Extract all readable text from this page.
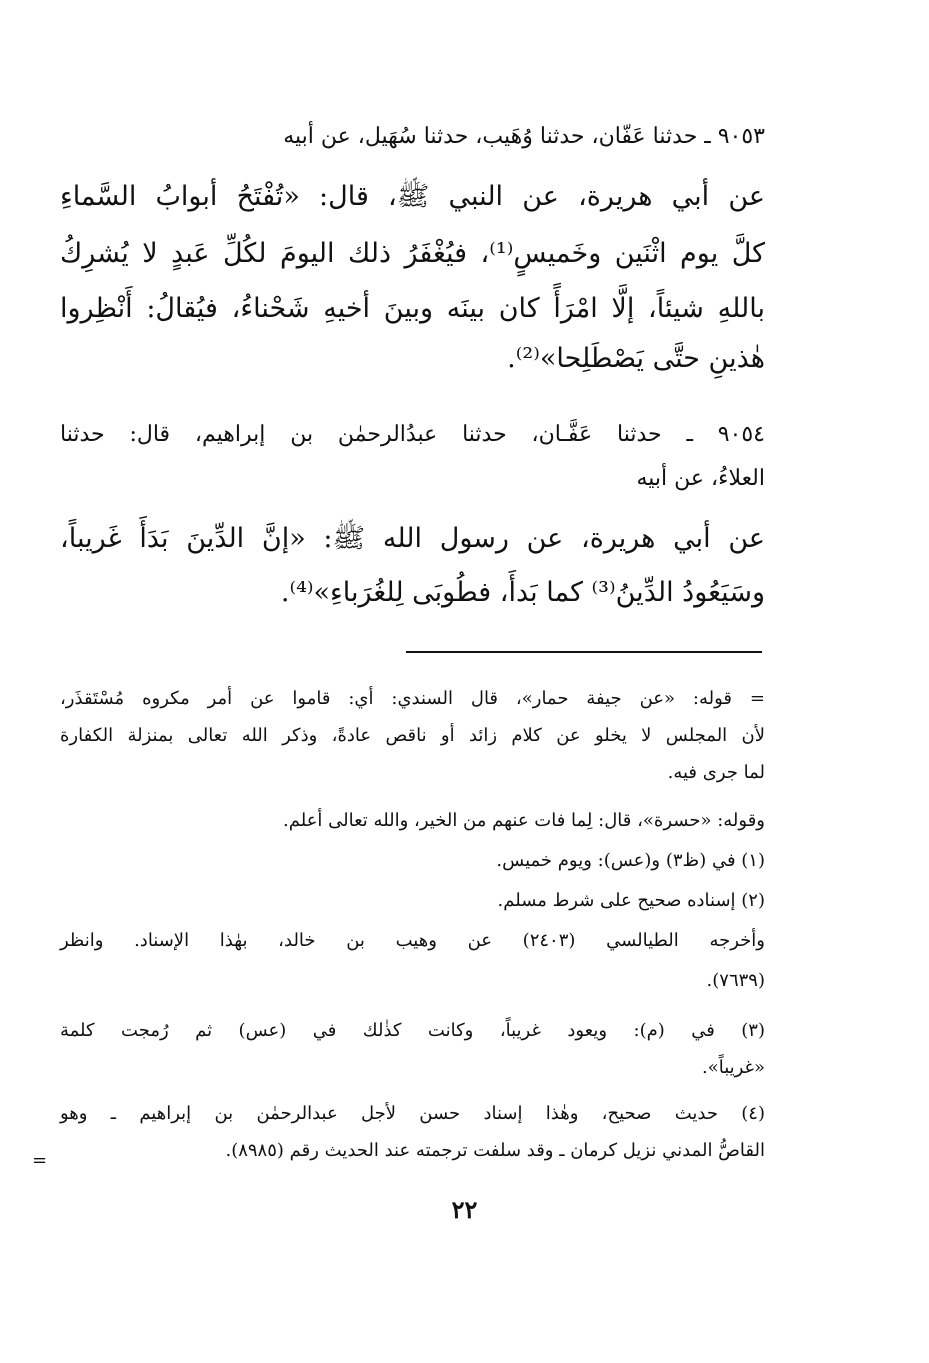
٩٠٥٣ ـ حدثنا عَفّان، حدثنا وُهَيب، حدثنا سُهَيل، عن أبيه
عن أبي هريرة، عن النبي ﷺ، قال: «تُفْتَحُ أبوابُ السَّماءِ
كلَّ يوم اثْنَين وخَميسٍ⁽¹⁾، فيُغْفَرُ ذلك اليومَ لكُلِّ عَبدٍ لا يُشرِكُ
باللهِ شيئاً، إلَّا امْرَأً كان بينَه وبينَ أخيهِ شَحْناءُ، فيُقالُ: أَنْظِروا
هٰذينِ حتَّى يَصْطَلِحا»⁽²⁾.
٩٠٥٤ ـ حدثنا عَفَّـان، حدثنا عبدُالرحمٰن بن إبراهيم، قال: حدثنا
العلاءُ، عن أبيه
عن أبي هريرة، عن رسول الله ﷺ: «إنَّ الدِّينَ بَدَأَ غَريباً،
وسَيَعُودُ الدِّينُ⁽³⁾ كما بَدأَ، فطُوبَى لِلغُرَباءِ»⁽⁴⁾.
= قوله: «عن جيفة حمار»، قال السندي: أي: قاموا عن أمر مكروه مُسْتَقذَر،
لأن المجلس لا يخلو عن كلام زائد أو ناقص عادةً، وذكر الله تعالى بمنزلة الكفارة
لما جرى فيه.
وقوله: «حسرة»، قال: لِما فات عنهم من الخير، والله تعالى أعلم.
(١) في (ظ٣) و(عس): ويوم خميس.
(٢) إسناده صحيح على شرط مسلم.
وأخرجه الطيالسي (٢٤٠٣) عن وهيب بن خالد، بهٰذا الإسناد. وانظر
(٧٦٣٩).
(٣) في (م): ويعود غريباً، وكانت كذٰلك في (عس) ثم رُمجت كلمة
«غريباً».
(٤) حديث صحيح، وهٰذا إسناد حسن لأجل عبدالرحمٰن بن إبراهيم ـ وهو
القاصُّ المدني نزيل كرمان ـ وقد سلفت ترجمته عند الحديث رقم (٨٩٨٥).
=
٢٢
